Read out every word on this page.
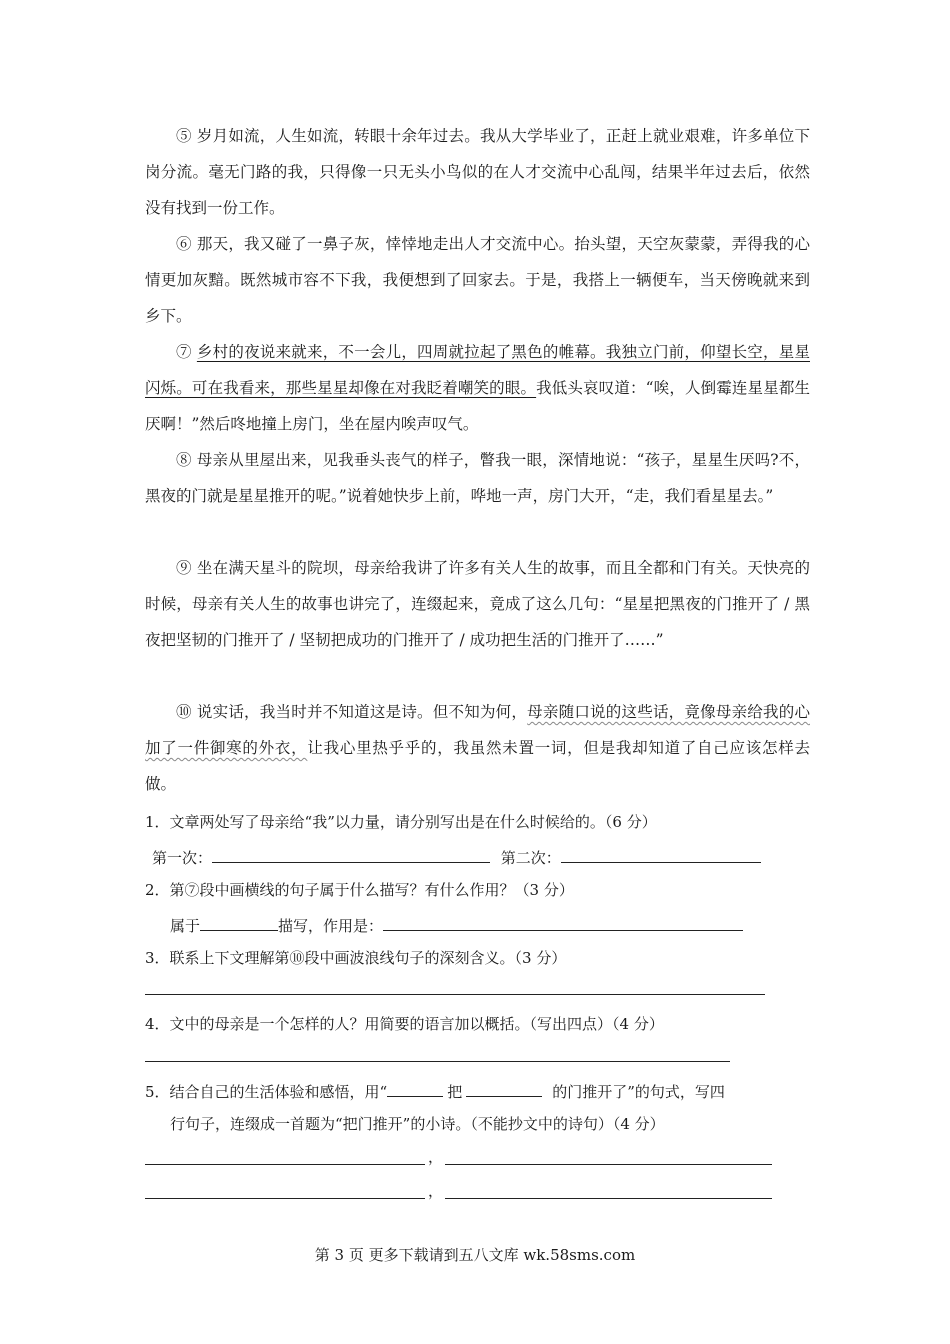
⑤ 岁月如流，人生如流，转眼十余年过去。我从大学毕业了，正赶上就业艰难，许多单位下岗分流。毫无门路的我，只得像一只无头小鸟似的在人才交流中心乱闯，结果半年过去后，依然没有找到一份工作。

⑥ 那天，我又碰了一鼻子灰，悻悻地走出人才交流中心。抬头望，天空灰蒙蒙，弄得我的心情更加灰黯。既然城市容不下我，我便想到了回家去。于是，我搭上一辆便车，当天傍晚就来到乡下。

⑦ 乡村的夜说来就来，不一会儿，四周就拉起了黑色的帷幕。我独立门前，仰望长空，星星闪烁。可在我看来，那些星星却像在对我眨着嘲笑的眼。我低头哀叹道：“唉，人倒霉连星星都生厌啊！”然后咚地撞上房门，坐在屋内唉声叹气。

⑧ 母亲从里屋出来，见我垂头丧气的样子，瞥我一眼，深情地说：“孩子，星星生厌吗?不，黑夜的门就是星星推开的呢。”说着她快步上前，哗地一声，房门大开，“走，我们看星星去。”

⑨ 坐在满天星斗的院坝，母亲给我讲了许多有关人生的故事，而且全都和门有关。天快亮的时候，母亲有关人生的故事也讲完了，连缀起来，竟成了这么几句：“星星把黑夜的门推开了 / 黑夜把坚韧的门推开了 / 坚韧把成功的门推开了 / 成功把生活的门推开了……”

⑩ 说实话，我当时并不知道这是诗。但不知为何，母亲随口说的这些话，竟像母亲给我的心加了一件御寒的外衣，让我心里热乎乎的，我虽然未置一词，但是我却知道了自己应该怎样去做。

1．文章两处写了母亲给“我”以力量，请分别写出是在什么时候给的。（6 分）

第一次：	第二次：

2．第⑦段中画横线的句子属于什么描写？有什么作用？（3 分）

属于	描写，作用是：

3．联系上下文理解第⑩段中画波浪线句子的深刻含义。（3 分）

4．文中的母亲是一个怎样的人？用简要的语言加以概括。（写出四点）（4 分）

5．结合自己的生活体验和感悟，用“	把	的门推开了”的句式，写四

行句子，连缀成一首题为“把门推开”的小诗。（不能抄文中的诗句）（4 分）

，
，
第 3 页 更多下载请到五八文库 wk.58sms.com
